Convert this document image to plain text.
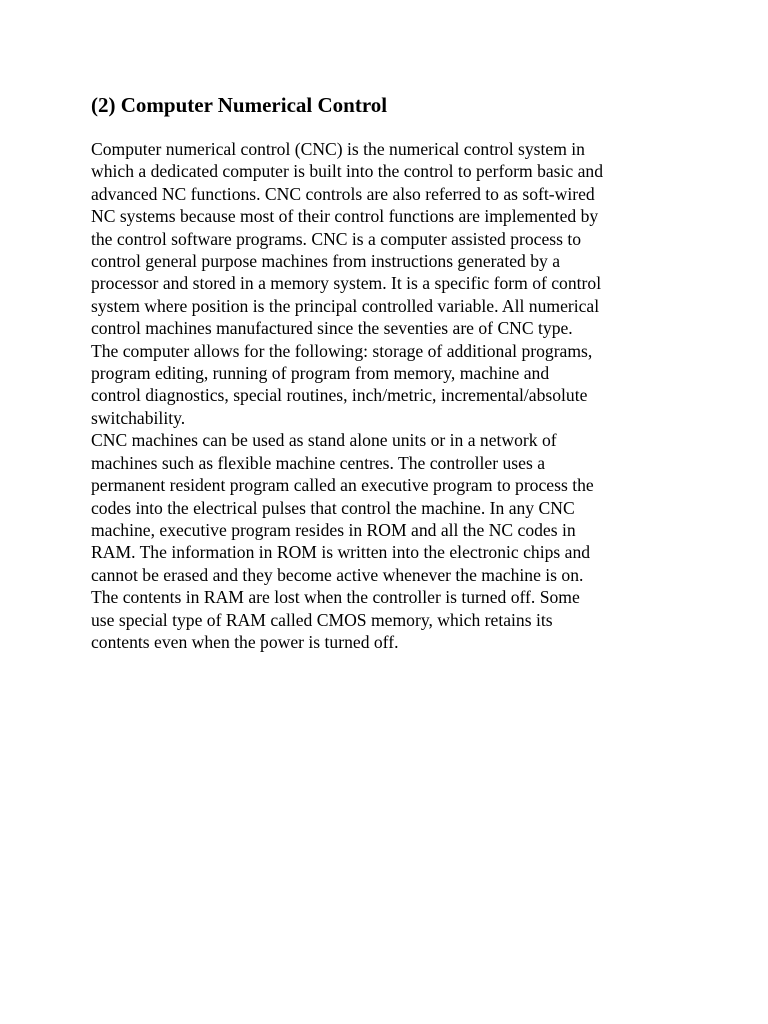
(2) Computer Numerical Control

Computer numerical control (CNC) is the numerical control system in
which a dedicated computer is built into the control to perform basic and
advanced NC functions. CNC controls are also referred to as soft-wired
NC systems because most of their control functions are implemented by
the control software programs. CNC is a computer assisted process to
control general purpose machines from instructions generated by a
processor and stored in a memory system. It is a specific form of control
system where position is the principal controlled variable. All numerical
control machines manufactured since the seventies are of CNC type.
The computer allows for the following: storage of additional programs,
program editing, running of program from memory, machine and
control diagnostics, special routines, inch/metric, incremental/absolute
switchability.

CNC machines can be used as stand alone units or in a network of
machines such as flexible machine centres. The controller uses a
permanent resident program called an executive program to process the
codes into the electrical pulses that control the machine. In any CNC
machine, executive program resides in ROM and all the NC codes in
RAM. The information in ROM is written into the electronic chips and
cannot be erased and they become active whenever the machine is on.
The contents in RAM are lost when the controller is turned off. Some
use special type of RAM called CMOS memory, which retains its
contents even when the power is turned off.
